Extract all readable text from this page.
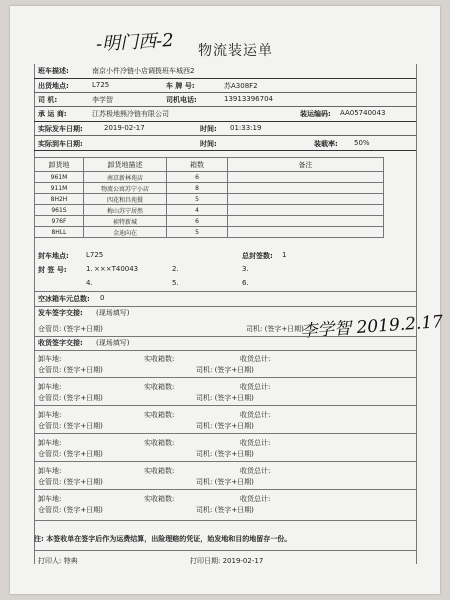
-明门西-2 物流装运单
班车描述:	南京小件冷链小店调拨班车城西2
出货地点:	L725	车 牌 号:	苏A308F2
司 机:	李学智	司机电话:	13913396704
承 运 商:	江苏极地熊冷链有限公司	装运编码: AA05740043
实际发车日期:	2019-02-17	时间: 01:33:19
实际到车日期:	时间:	装载率: 50%
卸货地	卸货地描述	箱数	备注
961M	南京新林苑店	6	
911M	物流公寓苏宁小店	8	
8H2H	四花和昌苑摄	5	
961S	梅山苏宁居然	4	
976F	祯特新城	6	
8HLL	金迪向在	5	
封车地点: L725	总封签数: 1
封 签 号:	1. ×××T40043	2.	3.
4.	5.	6.
空冰箱车元总数: 0
发车签字交接: (现场填写)
仓管员: (签字+日期)	司机: (签字+日期)
李学智 2019.2.17
收货签字交接: (现场填写)
卸车地:	实收箱数:	收货总计:
仓管员: (签字+日期)	司机: (签字+日期)
卸车地:	实收箱数:	收货总计:
仓管员: (签字+日期)	司机: (签字+日期)
卸车地:	实收箱数:	收货总计:
仓管员: (签字+日期)	司机: (签字+日期)
卸车地:	实收箱数:	收货总计:
仓管员: (签字+日期)	司机: (签字+日期)
卸车地:	实收箱数:	收货总计:
仓管员: (签字+日期)	司机: (签字+日期)
卸车地:	实收箱数:	收货总计:
仓管员: (签字+日期)	司机: (签字+日期)
注: 本签收单在签字后作为运费结算，出险理赔的凭证，始发地和目的地留存一份。
打印人: 特典	打印日期: 2019-02-17
